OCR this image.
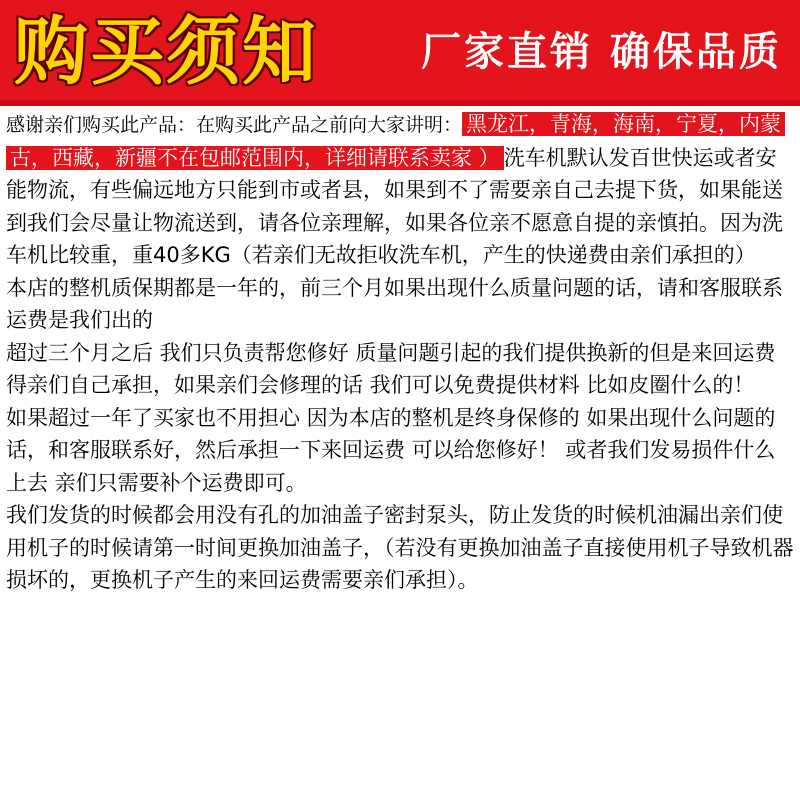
购买须知	厂家直销 确保品质

感谢亲们购买此产品：在购买此产品之前向大家讲明： 黑龙江，青海，海南，宁夏，内蒙古，西藏，新疆不在包邮范围内，详细请联系卖家 ） 洗车机默认发百世快运或者安能物流，有些偏远地方只能到市或者县，如果到不了需要亲自己去提下货，如果能送到我们会尽量让物流送到，请各位亲理解，如果各位亲不愿意自提的亲慎拍。因为洗车机比较重，重40多KG（若亲们无故拒收洗车机，产生的快递费由亲们承担的）

本店的整机质保期都是一年的，前三个月如果出现什么质量问题的话，请和客服联系 运费是我们出的

超过三个月之后 我们只负责帮您修好 质量问题引起的我们提供换新的但是来回运费得亲们自己承担，如果亲们会修理的话 我们可以免费提供材料 比如皮圈什么的！

如果超过一年了买家也不用担心 因为本店的整机是终身保修的 如果出现什么问题的话，和客服联系好，然后承担一下来回运费 可以给您修好！ 或者我们发易损件什么上去 亲们只需要补个运费即可。

我们发货的时候都会用没有孔的加油盖子密封泵头，防止发货的时候机油漏出亲们使用机子的时候请第一时间更换加油盖子，（若没有更换加油盖子直接使用机子导致机器损坏的，更换机子产生的来回运费需要亲们承担）。
